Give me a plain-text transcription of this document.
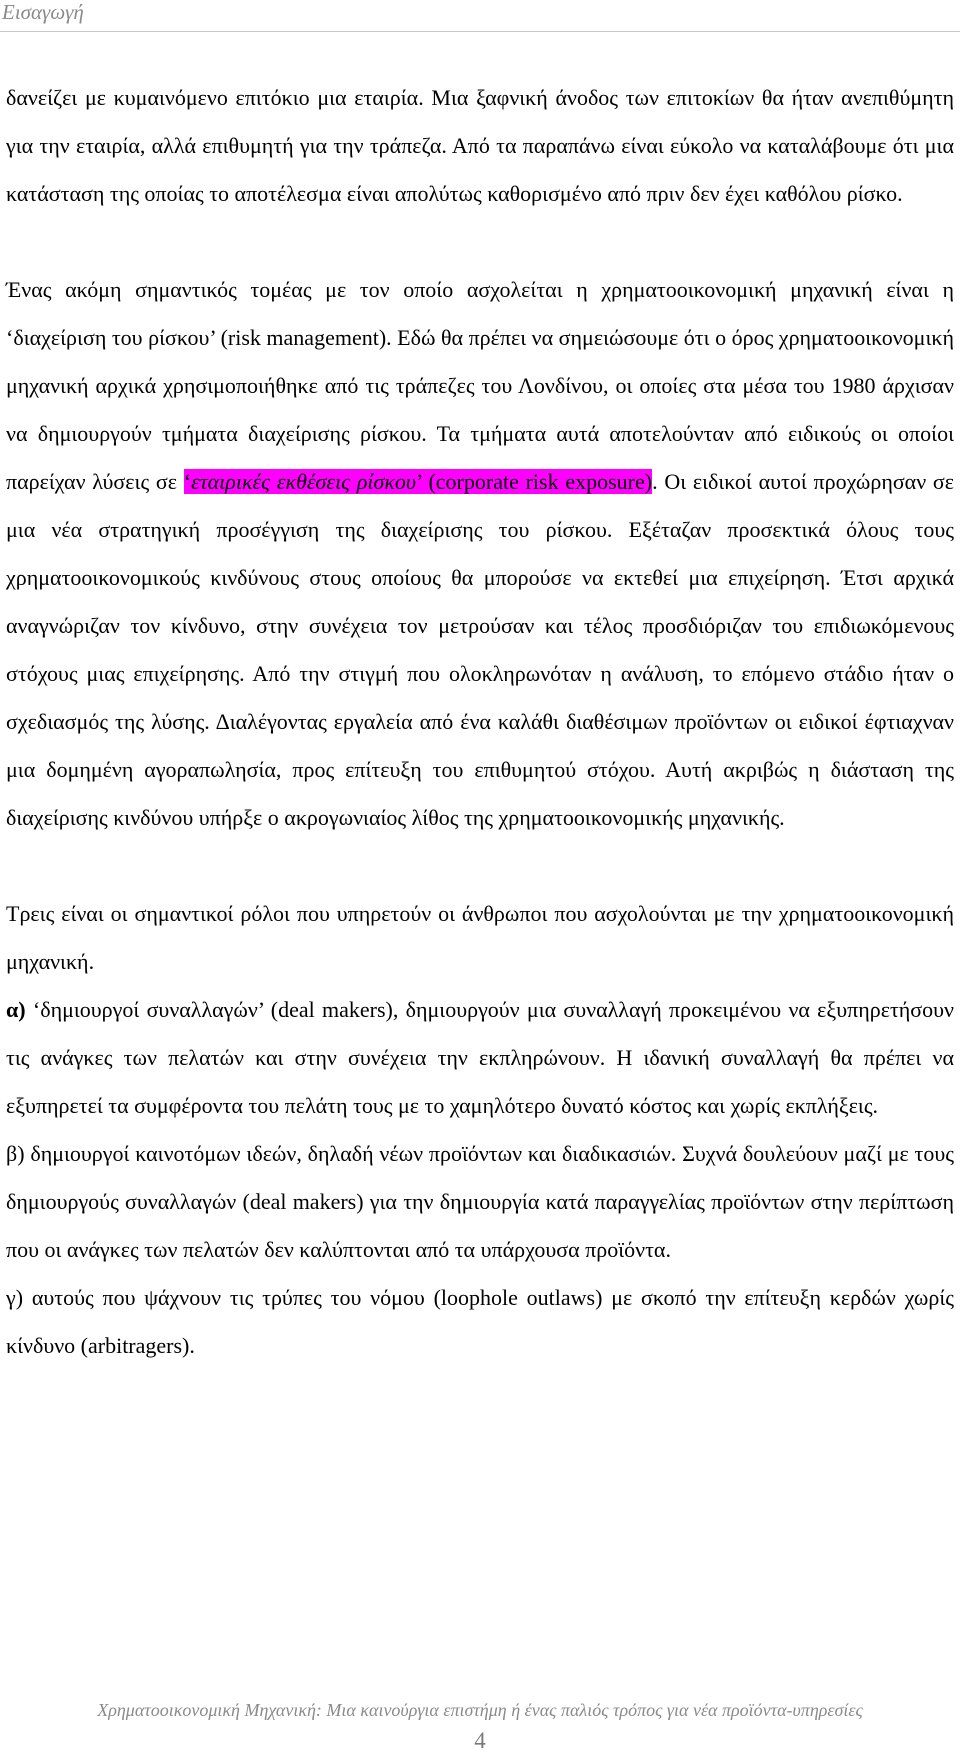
Εισαγωγή

δανείζει με κυμαινόμενο επιτόκιο μια εταιρία. Μια ξαφνική άνοδος των επιτοκίων θα ήταν ανεπιθύμητη για την εταιρία, αλλά επιθυμητή για την τράπεζα. Από τα παραπάνω είναι εύκολο να καταλάβουμε ότι μια κατάσταση της οποίας το αποτέλεσμα είναι απολύτως καθορισμένο από πριν δεν έχει καθόλου ρίσκο.

Ένας ακόμη σημαντικός τομέας με τον οποίο ασχολείται η χρηματοοικονομική μηχανική είναι η ‘διαχείριση του ρίσκου’ (risk management). Εδώ θα πρέπει να σημειώσουμε ότι ο όρος χρηματοοικονομική μηχανική αρχικά χρησιμοποιήθηκε από τις τράπεζες του Λονδίνου, οι οποίες στα μέσα του 1980 άρχισαν να δημιουργούν τμήματα διαχείρισης ρίσκου. Τα τμήματα αυτά αποτελούνταν από ειδικούς οι οποίοι παρείχαν λύσεις σε ‘εταιρικές εκθέσεις ρίσκου’ (corporate risk exposure). Οι ειδικοί αυτοί προχώρησαν σε μια νέα στρατηγική προσέγγιση της διαχείρισης του ρίσκου. Εξέταζαν προσεκτικά όλους τους χρηματοοικονομικούς κινδύνους στους οποίους θα μπορούσε να εκτεθεί μια επιχείρηση. Έτσι αρχικά αναγνώριζαν τον κίνδυνο, στην συνέχεια τον μετρούσαν και τέλος προσδιόριζαν του επιδιωκόμενους στόχους μιας επιχείρησης. Από την στιγμή που ολοκληρωνόταν η ανάλυση, το επόμενο στάδιο ήταν ο σχεδιασμός της λύσης. Διαλέγοντας εργαλεία από ένα καλάθι διαθέσιμων προϊόντων οι ειδικοί έφτιαχναν μια δομημένη αγοραπωλησία, προς επίτευξη του επιθυμητού στόχου. Αυτή ακριβώς η διάσταση της διαχείρισης κινδύνου υπήρξε ο ακρογωνιαίος λίθος της χρηματοοικονομικής μηχανικής.

Τρεις είναι οι σημαντικοί ρόλοι που υπηρετούν οι άνθρωποι που ασχολούνται με την χρηματοοικονομική μηχανική.

α) ‘δημιουργοί συναλλαγών’ (deal makers), δημιουργούν μια συναλλαγή προκειμένου να εξυπηρετήσουν τις ανάγκες των πελατών και στην συνέχεια την εκπληρώνουν. Η ιδανική συναλλαγή θα πρέπει να εξυπηρετεί τα συμφέροντα του πελάτη τους με το χαμηλότερο δυνατό κόστος και χωρίς εκπλήξεις.

β) δημιουργοί καινοτόμων ιδεών, δηλαδή νέων προϊόντων και διαδικασιών. Συχνά δουλεύουν μαζί με τους δημιουργούς συναλλαγών (deal makers) για την δημιουργία κατά παραγγελίας προϊόντων στην περίπτωση που οι ανάγκες των πελατών δεν καλύπτονται από τα υπάρχουσα προϊόντα.

γ) αυτούς που ψάχνουν τις τρύπες του νόμου (loophole outlaws) με σκοπό την επίτευξη κερδών χωρίς κίνδυνο (arbitragers).

Χρηματοοικονομική Μηχανική: Μια καινούργια επιστήμη ή ένας παλιός τρόπος για νέα προϊόντα-υπηρεσίες
4
